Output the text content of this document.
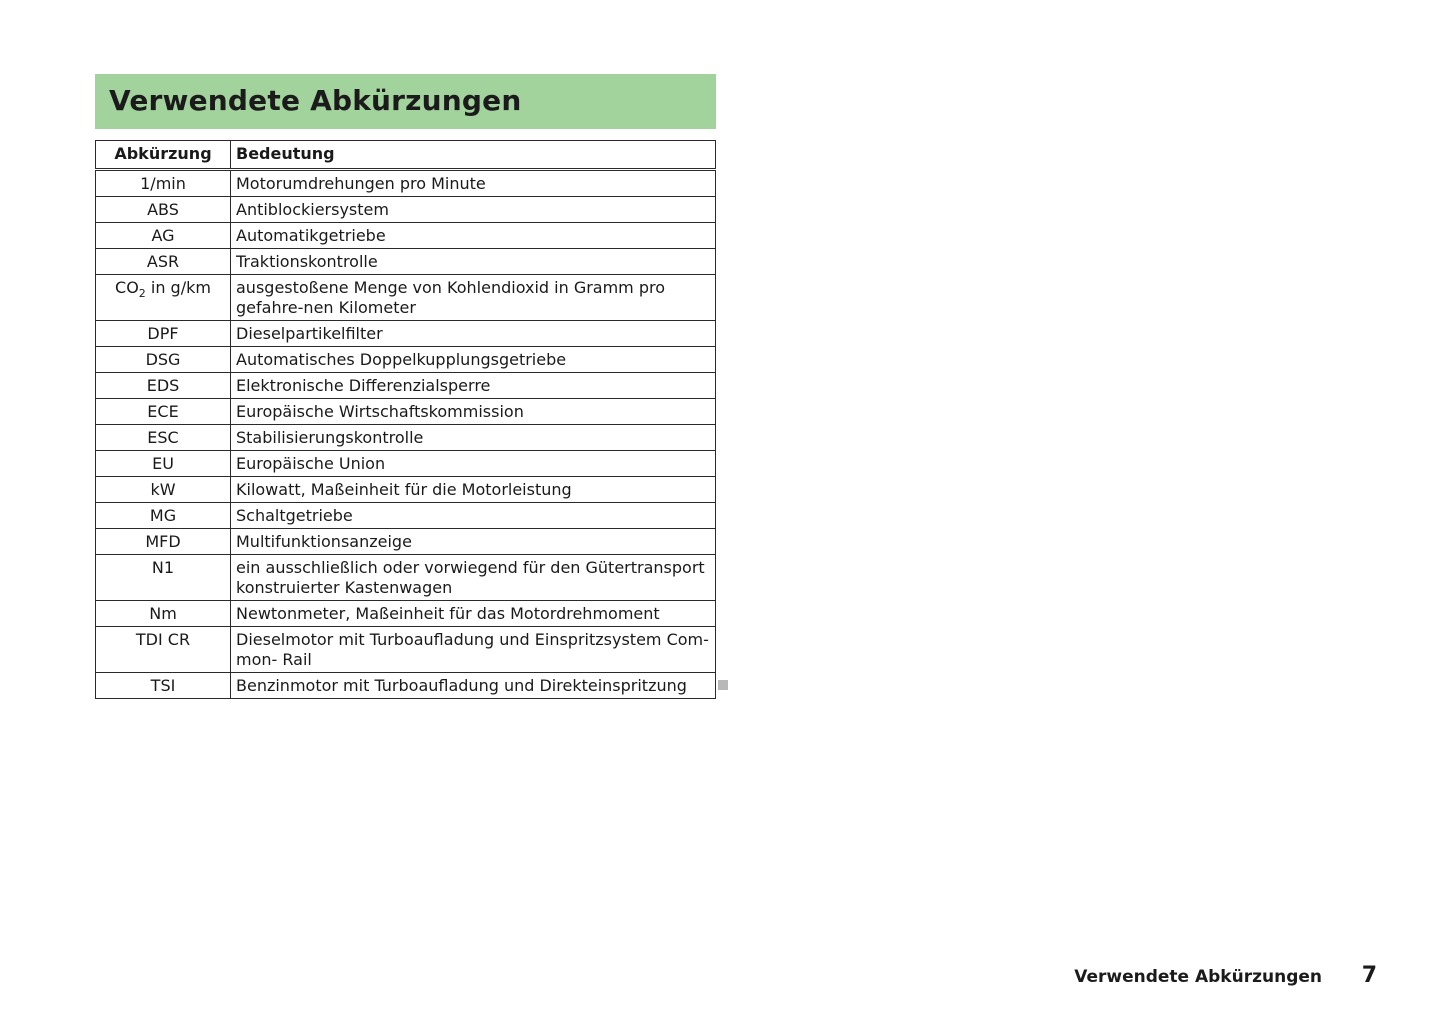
Verwendete Abkürzungen
Abkürzung	Bedeutung
1/min	Motorumdrehungen pro Minute
ABS	Antiblockiersystem
AG	Automatikgetriebe
ASR	Traktionskontrolle
$CO_2$ in g/km	ausgestoßene Menge von Kohlendioxid in Gramm pro gefahre-nen Kilometer
DPF	Dieselpartikelfilter
DSG	Automatisches Doppelkupplungsgetriebe
EDS	Elektronische Differenzialsperre
ECE	Europäische Wirtschaftskommission
ESC	Stabilisierungskontrolle
EU	Europäische Union
kW	Kilowatt, Maßeinheit für die Motorleistung
MG	Schaltgetriebe
MFD	Multifunktionsanzeige
N1	ein ausschließlich oder vorwiegend für den Gütertransport konstruierter Kastenwagen
Nm	Newtonmeter, Maßeinheit für das Motordrehmoment
TDI CR	Dieselmotor mit Turboaufladung und Einspritzsystem Com-mon- Rail
TSI	Benzinmotor mit Turboaufladung und Direkteinspritzung
Verwendete Abkürzungen 7
